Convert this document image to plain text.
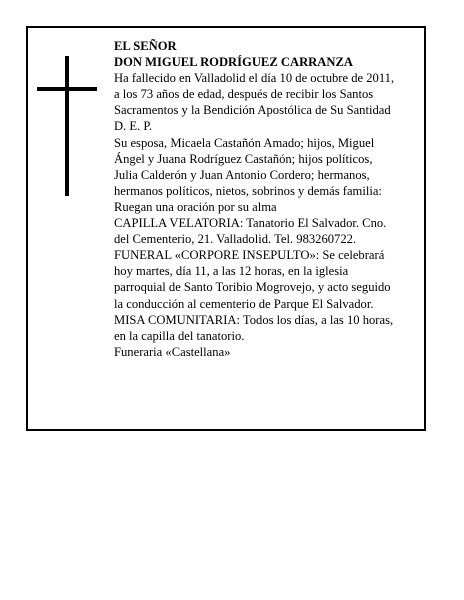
EL SEÑOR
DON MIGUEL RODRÍGUEZ CARRANZA
Ha fallecido en Valladolid el día 10 de octubre de 2011,
a los 73 años de edad, después de recibir los Santos
Sacramentos y la Bendición Apostólica de Su Santidad
D. E. P.
Su esposa, Micaela Castañón Amado; hijos, Miguel
Ángel y Juana Rodríguez Castañón; hijos políticos,
Julia Calderón y Juan Antonio Cordero; hermanos,
hermanos políticos, nietos, sobrinos y demás familia:
Ruegan una oración por su alma
CAPILLA VELATORIA: Tanatorio El Salvador. Cno.
del Cementerio, 21. Valladolid. Tel. 983260722.
FUNERAL «CORPORE INSEPULTO»: Se celebrará
hoy martes, día 11, a las 12 horas, en la iglesia
parroquial de Santo Toribio Mogrovejo, y acto seguido
la conducción al cementerio de Parque El Salvador.
MISA COMUNITARIA: Todos los días, a las 10 horas,
en la capilla del tanatorio.
Funeraria «Castellana»
